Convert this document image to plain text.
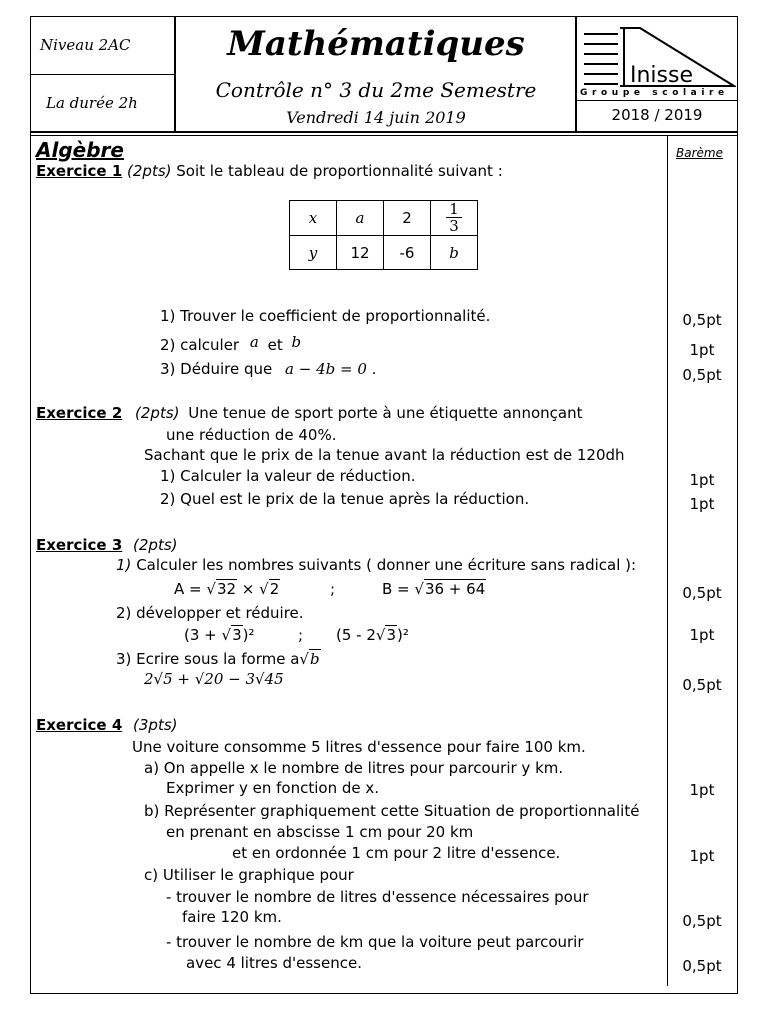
Niveau 2AC
La durée 2h
Mathématiques
Contrôle n° 3 du 2me Semestre
Vendredi 14 juin 2019
Inisse
Groupe scolaire
2018 / 2019
Barème
Algèbre
Exercice 1 (2pts) Soit le tableau de proportionnalité suivant :
x	a	2	$\frac{1}{3}$

y	12	-6	b
1) Trouver le coefficient de proportionnalité.
2) calculer a et b
3) Déduire que a − 4b = 0 .
0,5pt
1pt
0,5pt
Exercice 2 (2pts) Une tenue de sport porte à une étiquette annonçant
une réduction de 40%.
Sachant que le prix de la tenue avant la réduction est de 120dh
1) Calculer la valeur de réduction.
2) Quel est le prix de la tenue après la réduction.
1pt
1pt
Exercice 3 (2pts)
1) Calculer les nombres suivants ( donner une écriture sans radical ):
A = √32 × √2	;	B = √36 + 64
2) développer et réduire.
(3 + √3)²	; (5 - 2√3)²
3) Ecrire sous la forme a√b
2√5 + √20 − 3√45
0,5pt
1pt
0,5pt
Exercice 4 (3pts)
Une voiture consomme 5 litres d'essence pour faire 100 km.
a) On appelle x le nombre de litres pour parcourir y km.
Exprimer y en fonction de x.
b) Représenter graphiquement cette Situation de proportionnalité
en prenant en abscisse 1 cm pour 20 km
et en ordonnée 1 cm pour 2 litre d'essence.
c) Utiliser le graphique pour
- trouver le nombre de litres d'essence nécessaires pour
faire 120 km.
- trouver le nombre de km que la voiture peut parcourir
avec 4 litres d'essence.
1pt
1pt
0,5pt
0,5pt
